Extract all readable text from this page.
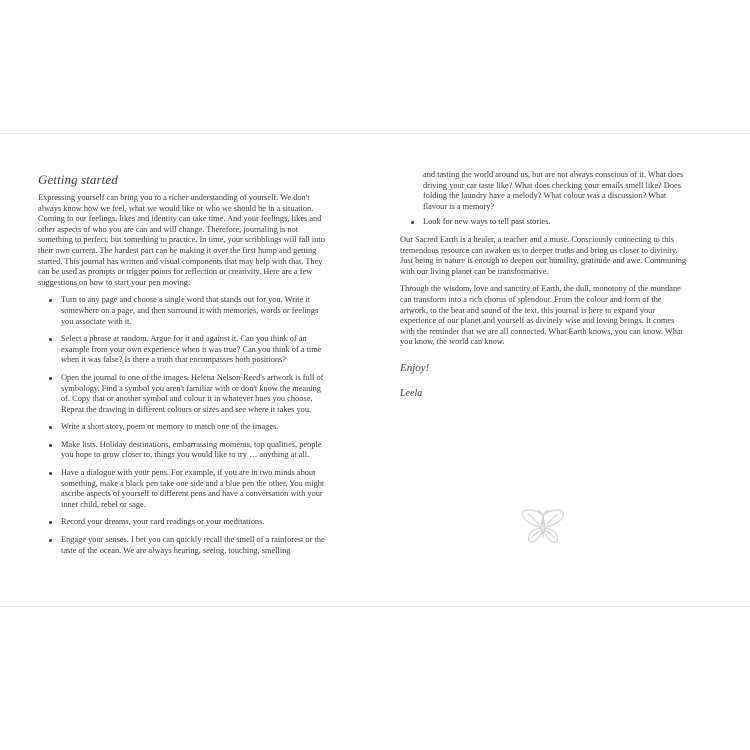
Getting started

Expressing yourself can bring you to a richer understanding of yourself. We don't always know how we feel, what we would like or who we should be in a situation. Coming to our feelings, likes and identity can take time. And your feelings, likes and other aspects of who you are can and will change. Therefore, journaling is not something to perfect, but something to practice. In time, your scribblings will fall into their own current. The hardest part can be making it over the first hump and getting started. This journal has written and visual components that may help with that. They can be used as prompts or trigger points for reflection or creativity. Here are a few suggestions on how to start your pen moving:

Turn to any page and choose a single word that stands out for you. Write it somewhere on a page, and then surround it with memories, words or feelings you associate with it.
Select a phrase at random. Argue for it and against it. Can you think of an example from your own experience when it was true? Can you think of a time when it was false? Is there a truth that encompasses both positions?
Open the journal to one of the images. Helena Nelson-Reed's artwork is full of symbology. Find a symbol you aren't familiar with or don't know the meaning of. Copy that or another symbol and colour it in whatever hues you choose. Repeat the drawing in different colours or sizes and see where it takes you.
Write a short story, poem or memory to match one of the images.
Make lists. Holiday destinations, embarrassing moments, top qualities, people you hope to grow closer to, things you would like to try … anything at all.
Have a dialogue with your pens. For example, if you are in two minds about something, make a black pen take one side and a blue pen the other. You might ascribe aspects of yourself to different pens and have a conversation with your inner child, rebel or sage.
Record your dreams, your card readings or your meditations.
Engage your senses. I bet you can quickly recall the smell of a rainforest or the taste of the ocean. We are always hearing, seeing, touching, smelling

and tasting the world around us, but are not always conscious of it. What does driving your car taste like? What does checking your emails smell like? Does folding the laundry have a melody? What colour was a discussion? What flavour is a memory?

Look for new ways to tell past stories.

Our Sacred Earth is a healer, a teacher and a muse. Consciously connecting to this tremendous resource can awaken us to deeper truths and bring us closer to divinity. Just being in nature is enough to deepen our humility, gratitude and awe. Communing with our living planet can be transformative.

Through the wisdom, love and sanctity of Earth, the dull, monotony of the mundane can transform into a rich chorus of splendour. From the colour and form of the artwork, to the beat and sound of the text, this journal is here to expand your experience of our planet and yourself as divinely wise and loving beings. It comes with the reminder that we are all connected. What Earth knows, you can know. What you know, the world can know.

Enjoy!
Leela
